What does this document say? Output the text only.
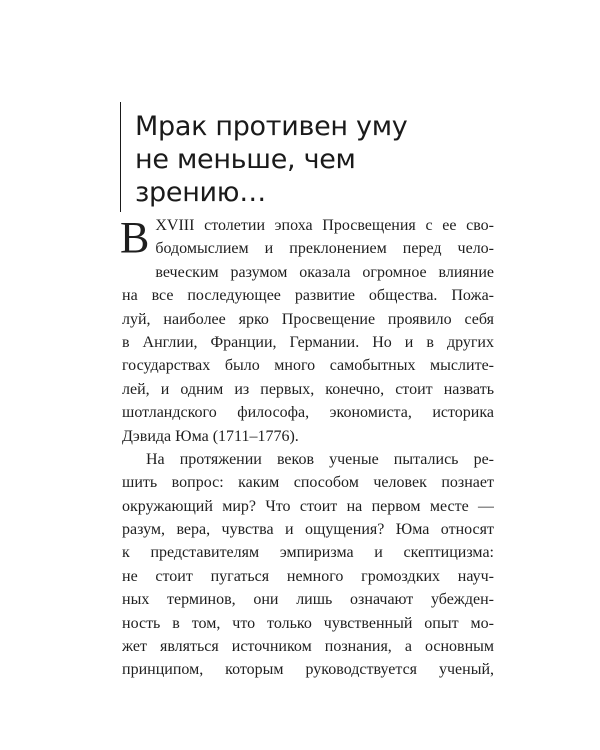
Мрак противен уму
не меньше, чем
зрению…
В XVIII столетии эпоха Просвещения с ее сво-
бодомыслием и преклонением перед чело-
веческим разумом оказала огромное влияние
на все последующее развитие общества. Пожа-
луй, наиболее ярко Просвещение проявило себя
в Англии, Франции, Германии. Но и в других
государствах было много самобытных мыслите-
лей, и одним из первых, конечно, стоит назвать
шотландского философа, экономиста, историка
Дэвида Юма (1711–1776).
На протяжении веков ученые пытались ре-
шить вопрос: каким способом человек познает
окружающий мир? Что стоит на первом месте —
разум, вера, чувства и ощущения? Юма относят
к представителям эмпиризма и скептицизма:
не стоит пугаться немного громоздких науч-
ных терминов, они лишь означают убежден-
ность в том, что только чувственный опыт мо-
жет являться источником познания, а основным
принципом, которым руководствуется ученый,
